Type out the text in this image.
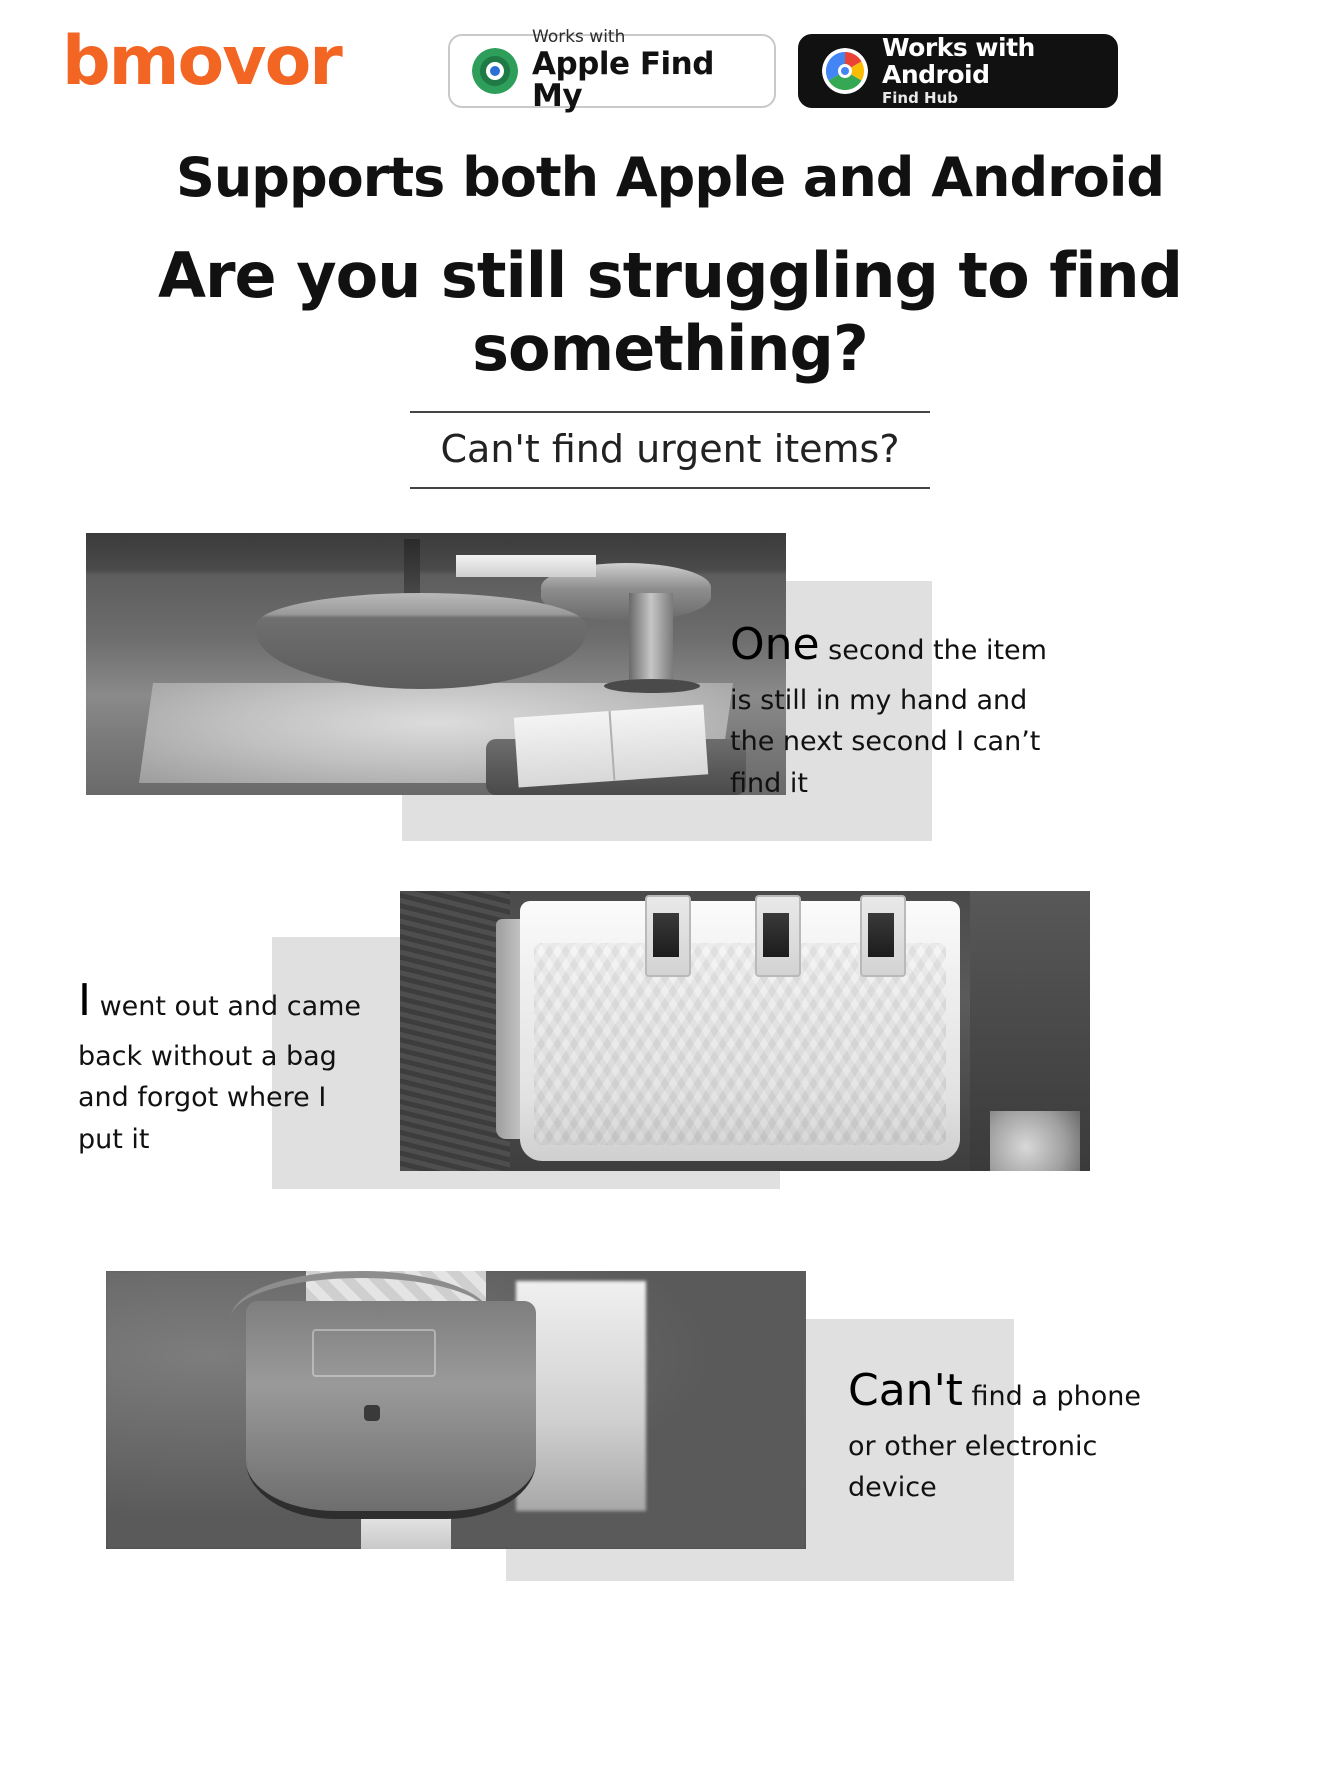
bmovor	Works with
Apple Find My
Works with Android
Find Hub
Supports both Apple and Android
Are you still struggling to find something?
Can't find urgent items?
One second the item is still in my hand and the next second I can’t find it
I went out and came back without a bag and forgot where I put it
Can't find a phone or other electronic device
